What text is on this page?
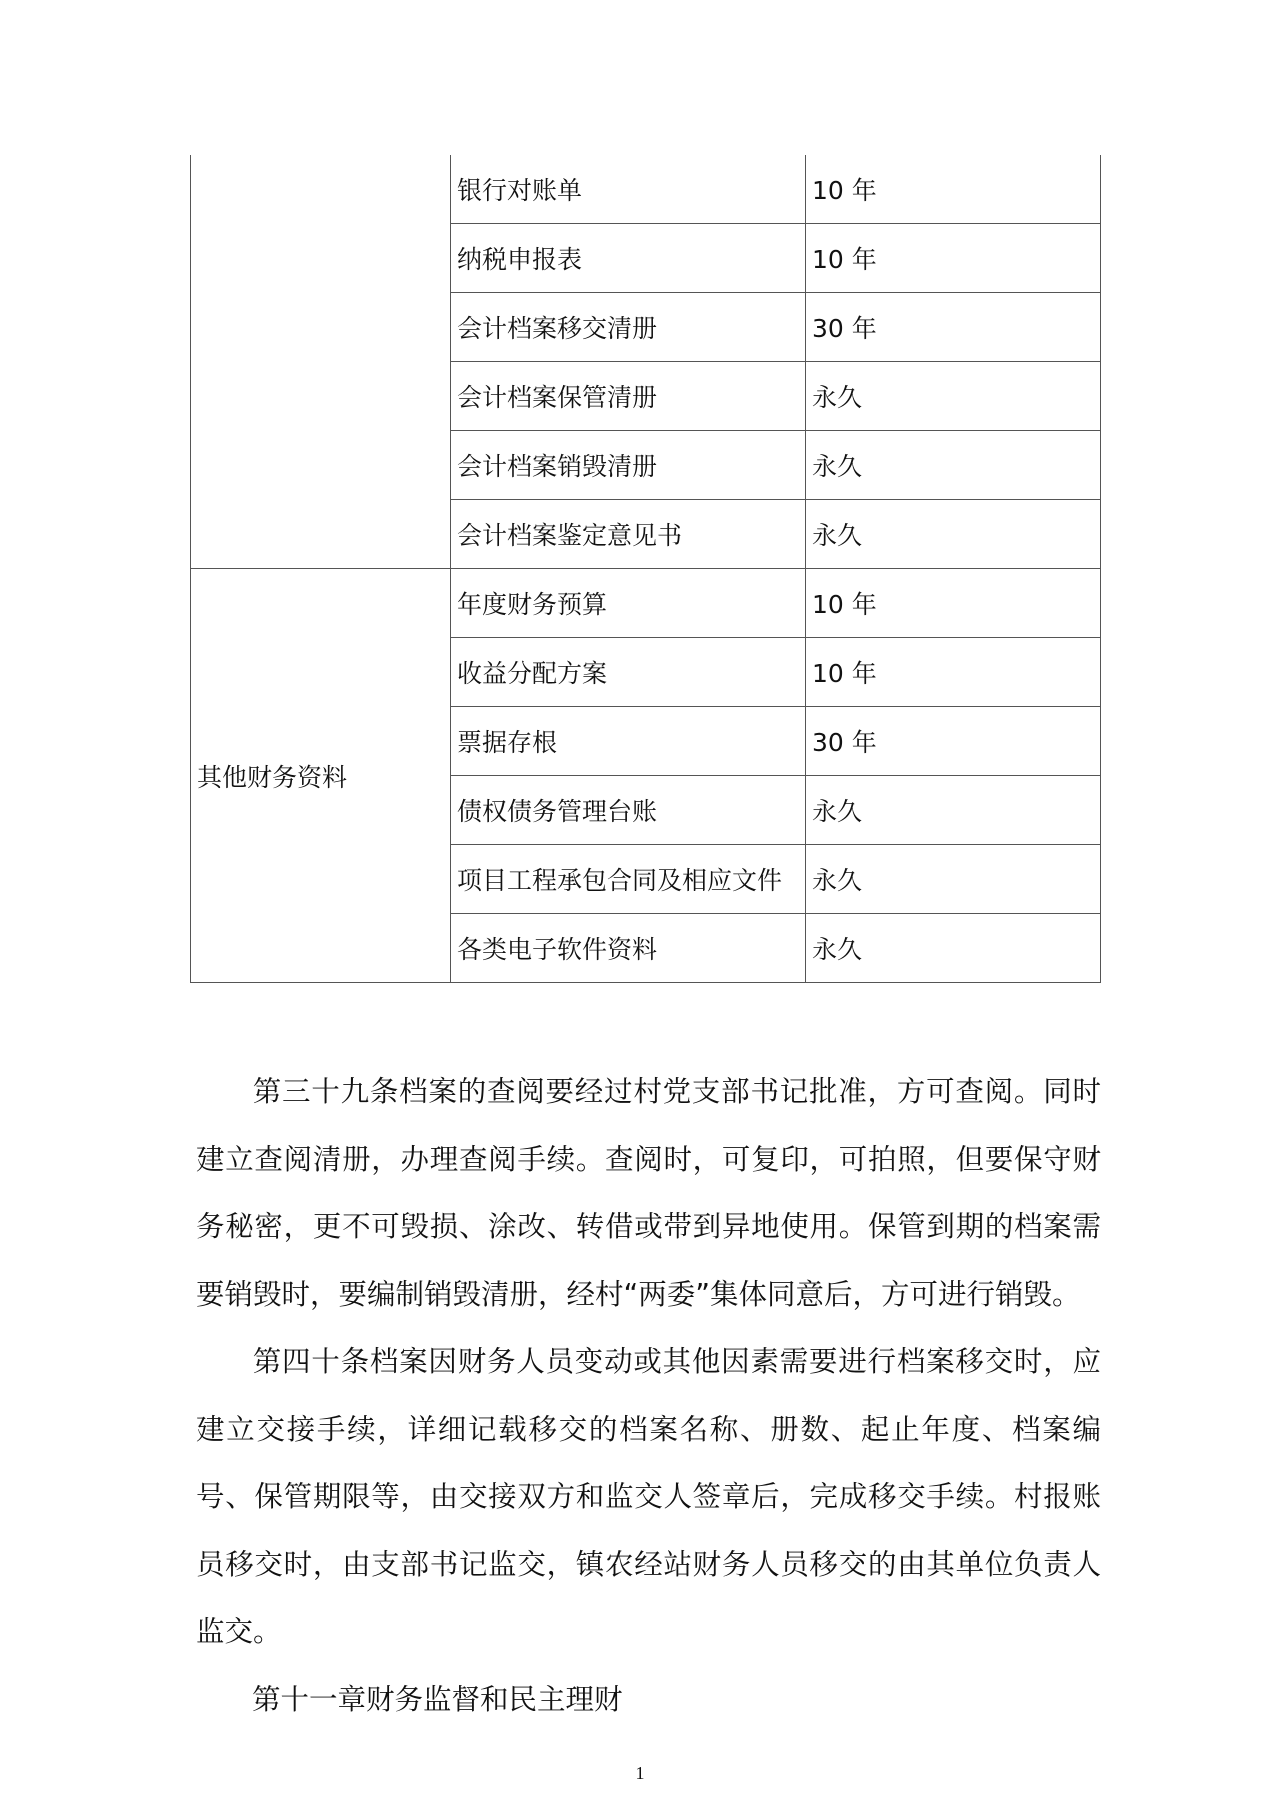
	银行对账单	10 年
	纳税申报表	10 年
	会计档案移交清册	30 年
	会计档案保管清册	永久
	会计档案销毁清册	永久
	会计档案鉴定意见书	永久
其他财务资料	年度财务预算	10 年
	收益分配方案	10 年
	票据存根	30 年
	债权债务管理台账	永久
	项目工程承包合同及相应文件	永久
	各类电子软件资料	永久

第三十九条档案的查阅要经过村党支部书记批准，方可查阅。同时建立查阅清册，办理查阅手续。查阅时，可复印，可拍照，但要保守财务秘密，更不可毁损、涂改、转借或带到异地使用。保管到期的档案需要销毁时，要编制销毁清册，经村“两委”集体同意后，方可进行销毁。

第四十条档案因财务人员变动或其他因素需要进行档案移交时，应建立交接手续，详细记载移交的档案名称、册数、起止年度、档案编号、保管期限等，由交接双方和监交人签章后，完成移交手续。村报账员移交时，由支部书记监交，镇农经站财务人员移交的由其单位负责人监交。

第十一章财务监督和民主理财

1
